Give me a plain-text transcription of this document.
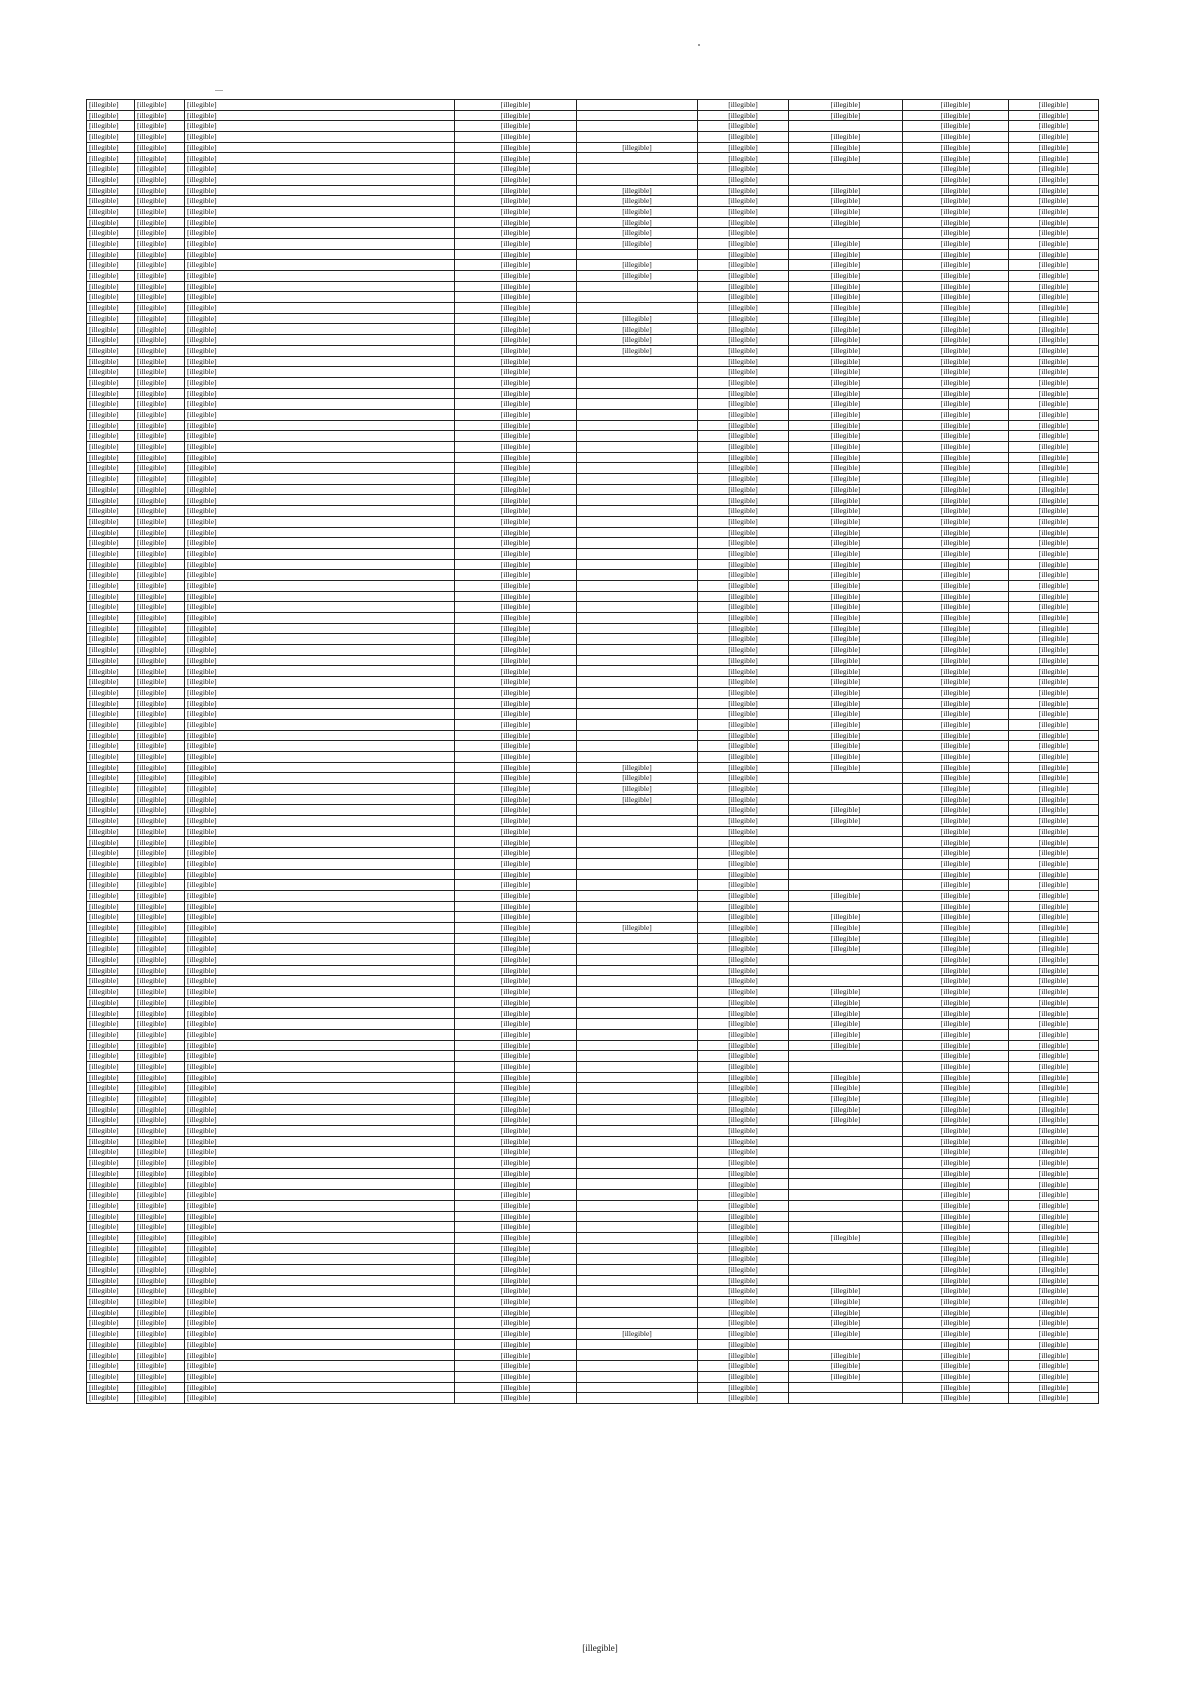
[illegible]	[illegible]	[illegible]	[illegible]		[illegible]	[illegible]	[illegible]	[illegible]
[illegible]	[illegible]	[illegible]	[illegible]		[illegible]	[illegible]	[illegible]	[illegible]
[illegible]	[illegible]	[illegible]	[illegible]		[illegible]		[illegible]	[illegible]
[illegible]	[illegible]	[illegible]	[illegible]		[illegible]	[illegible]	[illegible]	[illegible]
[illegible]	[illegible]	[illegible]	[illegible]	[illegible]	[illegible]	[illegible]	[illegible]	[illegible]
[illegible]	[illegible]	[illegible]	[illegible]		[illegible]	[illegible]	[illegible]	[illegible]
[illegible]	[illegible]	[illegible]	[illegible]		[illegible]		[illegible]	[illegible]
[illegible]	[illegible]	[illegible]	[illegible]		[illegible]		[illegible]	[illegible]
[illegible]	[illegible]	[illegible]	[illegible]	[illegible]	[illegible]	[illegible]	[illegible]	[illegible]
[illegible]	[illegible]	[illegible]	[illegible]	[illegible]	[illegible]	[illegible]	[illegible]	[illegible]
[illegible]	[illegible]	[illegible]	[illegible]	[illegible]	[illegible]	[illegible]	[illegible]	[illegible]
[illegible]	[illegible]	[illegible]	[illegible]	[illegible]	[illegible]	[illegible]	[illegible]	[illegible]
[illegible]	[illegible]	[illegible]	[illegible]	[illegible]	[illegible]		[illegible]	[illegible]
[illegible]	[illegible]	[illegible]	[illegible]	[illegible]	[illegible]	[illegible]	[illegible]	[illegible]
[illegible]	[illegible]	[illegible]	[illegible]		[illegible]	[illegible]	[illegible]	[illegible]
[illegible]	[illegible]	[illegible]	[illegible]	[illegible]	[illegible]	[illegible]	[illegible]	[illegible]
[illegible]	[illegible]	[illegible]	[illegible]	[illegible]	[illegible]	[illegible]	[illegible]	[illegible]
[illegible]	[illegible]	[illegible]	[illegible]		[illegible]	[illegible]	[illegible]	[illegible]
[illegible]	[illegible]	[illegible]	[illegible]		[illegible]	[illegible]	[illegible]	[illegible]
[illegible]	[illegible]	[illegible]	[illegible]		[illegible]	[illegible]	[illegible]	[illegible]
[illegible]	[illegible]	[illegible]	[illegible]	[illegible]	[illegible]	[illegible]	[illegible]	[illegible]
[illegible]	[illegible]	[illegible]	[illegible]	[illegible]	[illegible]	[illegible]	[illegible]	[illegible]
[illegible]	[illegible]	[illegible]	[illegible]	[illegible]	[illegible]	[illegible]	[illegible]	[illegible]
[illegible]	[illegible]	[illegible]	[illegible]	[illegible]	[illegible]	[illegible]	[illegible]	[illegible]
[illegible]	[illegible]	[illegible]	[illegible]		[illegible]	[illegible]	[illegible]	[illegible]
[illegible]	[illegible]	[illegible]	[illegible]		[illegible]	[illegible]	[illegible]	[illegible]
[illegible]	[illegible]	[illegible]	[illegible]		[illegible]	[illegible]	[illegible]	[illegible]
[illegible]	[illegible]	[illegible]	[illegible]		[illegible]	[illegible]	[illegible]	[illegible]
[illegible]	[illegible]	[illegible]	[illegible]		[illegible]	[illegible]	[illegible]	[illegible]
[illegible]	[illegible]	[illegible]	[illegible]		[illegible]	[illegible]	[illegible]	[illegible]
[illegible]	[illegible]	[illegible]	[illegible]		[illegible]	[illegible]	[illegible]	[illegible]
[illegible]	[illegible]	[illegible]	[illegible]		[illegible]	[illegible]	[illegible]	[illegible]
[illegible]	[illegible]	[illegible]	[illegible]		[illegible]	[illegible]	[illegible]	[illegible]
[illegible]	[illegible]	[illegible]	[illegible]		[illegible]	[illegible]	[illegible]	[illegible]
[illegible]	[illegible]	[illegible]	[illegible]		[illegible]	[illegible]	[illegible]	[illegible]
[illegible]	[illegible]	[illegible]	[illegible]		[illegible]	[illegible]	[illegible]	[illegible]
[illegible]	[illegible]	[illegible]	[illegible]		[illegible]	[illegible]	[illegible]	[illegible]
[illegible]	[illegible]	[illegible]	[illegible]		[illegible]	[illegible]	[illegible]	[illegible]
[illegible]	[illegible]	[illegible]	[illegible]		[illegible]	[illegible]	[illegible]	[illegible]
[illegible]	[illegible]	[illegible]	[illegible]		[illegible]	[illegible]	[illegible]	[illegible]
[illegible]	[illegible]	[illegible]	[illegible]		[illegible]	[illegible]	[illegible]	[illegible]
[illegible]	[illegible]	[illegible]	[illegible]		[illegible]	[illegible]	[illegible]	[illegible]
[illegible]	[illegible]	[illegible]	[illegible]		[illegible]	[illegible]	[illegible]	[illegible]
[illegible]	[illegible]	[illegible]	[illegible]		[illegible]	[illegible]	[illegible]	[illegible]
[illegible]	[illegible]	[illegible]	[illegible]		[illegible]	[illegible]	[illegible]	[illegible]
[illegible]	[illegible]	[illegible]	[illegible]		[illegible]	[illegible]	[illegible]	[illegible]
[illegible]	[illegible]	[illegible]	[illegible]		[illegible]	[illegible]	[illegible]	[illegible]
[illegible]	[illegible]	[illegible]	[illegible]		[illegible]	[illegible]	[illegible]	[illegible]
[illegible]	[illegible]	[illegible]	[illegible]		[illegible]	[illegible]	[illegible]	[illegible]
[illegible]	[illegible]	[illegible]	[illegible]		[illegible]	[illegible]	[illegible]	[illegible]
[illegible]	[illegible]	[illegible]	[illegible]		[illegible]	[illegible]	[illegible]	[illegible]
[illegible]	[illegible]	[illegible]	[illegible]		[illegible]	[illegible]	[illegible]	[illegible]
[illegible]	[illegible]	[illegible]	[illegible]		[illegible]	[illegible]	[illegible]	[illegible]
[illegible]	[illegible]	[illegible]	[illegible]		[illegible]	[illegible]	[illegible]	[illegible]
[illegible]	[illegible]	[illegible]	[illegible]		[illegible]	[illegible]	[illegible]	[illegible]
[illegible]	[illegible]	[illegible]	[illegible]		[illegible]	[illegible]	[illegible]	[illegible]
[illegible]	[illegible]	[illegible]	[illegible]		[illegible]	[illegible]	[illegible]	[illegible]
[illegible]	[illegible]	[illegible]	[illegible]		[illegible]	[illegible]	[illegible]	[illegible]
[illegible]	[illegible]	[illegible]	[illegible]		[illegible]	[illegible]	[illegible]	[illegible]
[illegible]	[illegible]	[illegible]	[illegible]		[illegible]	[illegible]	[illegible]	[illegible]
[illegible]	[illegible]	[illegible]	[illegible]		[illegible]	[illegible]	[illegible]	[illegible]
[illegible]	[illegible]	[illegible]	[illegible]		[illegible]	[illegible]	[illegible]	[illegible]
[illegible]	[illegible]	[illegible]	[illegible]	[illegible]	[illegible]	[illegible]	[illegible]	[illegible]
[illegible]	[illegible]	[illegible]	[illegible]	[illegible]	[illegible]		[illegible]	[illegible]
[illegible]	[illegible]	[illegible]	[illegible]	[illegible]	[illegible]		[illegible]	[illegible]
[illegible]	[illegible]	[illegible]	[illegible]	[illegible]	[illegible]		[illegible]	[illegible]
[illegible]	[illegible]	[illegible]	[illegible]		[illegible]	[illegible]	[illegible]	[illegible]
[illegible]	[illegible]	[illegible]	[illegible]		[illegible]	[illegible]	[illegible]	[illegible]
[illegible]	[illegible]	[illegible]	[illegible]		[illegible]		[illegible]	[illegible]
[illegible]	[illegible]	[illegible]	[illegible]		[illegible]		[illegible]	[illegible]
[illegible]	[illegible]	[illegible]	[illegible]		[illegible]		[illegible]	[illegible]
[illegible]	[illegible]	[illegible]	[illegible]		[illegible]		[illegible]	[illegible]
[illegible]	[illegible]	[illegible]	[illegible]		[illegible]		[illegible]	[illegible]
[illegible]	[illegible]	[illegible]	[illegible]		[illegible]		[illegible]	[illegible]
[illegible]	[illegible]	[illegible]	[illegible]		[illegible]	[illegible]	[illegible]	[illegible]
[illegible]	[illegible]	[illegible]	[illegible]		[illegible]		[illegible]	[illegible]
[illegible]	[illegible]	[illegible]	[illegible]		[illegible]	[illegible]	[illegible]	[illegible]
[illegible]	[illegible]	[illegible]	[illegible]	[illegible]	[illegible]	[illegible]	[illegible]	[illegible]
[illegible]	[illegible]	[illegible]	[illegible]		[illegible]	[illegible]	[illegible]	[illegible]
[illegible]	[illegible]	[illegible]	[illegible]		[illegible]	[illegible]	[illegible]	[illegible]
[illegible]	[illegible]	[illegible]	[illegible]		[illegible]		[illegible]	[illegible]
[illegible]	[illegible]	[illegible]	[illegible]		[illegible]		[illegible]	[illegible]
[illegible]	[illegible]	[illegible]	[illegible]		[illegible]		[illegible]	[illegible]
[illegible]	[illegible]	[illegible]	[illegible]		[illegible]	[illegible]	[illegible]	[illegible]
[illegible]	[illegible]	[illegible]	[illegible]		[illegible]	[illegible]	[illegible]	[illegible]
[illegible]	[illegible]	[illegible]	[illegible]		[illegible]	[illegible]	[illegible]	[illegible]
[illegible]	[illegible]	[illegible]	[illegible]		[illegible]	[illegible]	[illegible]	[illegible]
[illegible]	[illegible]	[illegible]	[illegible]		[illegible]	[illegible]	[illegible]	[illegible]
[illegible]	[illegible]	[illegible]	[illegible]		[illegible]	[illegible]	[illegible]	[illegible]
[illegible]	[illegible]	[illegible]	[illegible]		[illegible]		[illegible]	[illegible]
[illegible]	[illegible]	[illegible]	[illegible]		[illegible]		[illegible]	[illegible]
[illegible]	[illegible]	[illegible]	[illegible]		[illegible]	[illegible]	[illegible]	[illegible]
[illegible]	[illegible]	[illegible]	[illegible]		[illegible]	[illegible]	[illegible]	[illegible]
[illegible]	[illegible]	[illegible]	[illegible]		[illegible]	[illegible]	[illegible]	[illegible]
[illegible]	[illegible]	[illegible]	[illegible]		[illegible]	[illegible]	[illegible]	[illegible]
[illegible]	[illegible]	[illegible]	[illegible]		[illegible]	[illegible]	[illegible]	[illegible]
[illegible]	[illegible]	[illegible]	[illegible]		[illegible]		[illegible]	[illegible]
[illegible]	[illegible]	[illegible]	[illegible]		[illegible]		[illegible]	[illegible]
[illegible]	[illegible]	[illegible]	[illegible]		[illegible]		[illegible]	[illegible]
[illegible]	[illegible]	[illegible]	[illegible]		[illegible]		[illegible]	[illegible]
[illegible]	[illegible]	[illegible]	[illegible]		[illegible]		[illegible]	[illegible]
[illegible]	[illegible]	[illegible]	[illegible]		[illegible]		[illegible]	[illegible]
[illegible]	[illegible]	[illegible]	[illegible]		[illegible]		[illegible]	[illegible]
[illegible]	[illegible]	[illegible]	[illegible]		[illegible]		[illegible]	[illegible]
[illegible]	[illegible]	[illegible]	[illegible]		[illegible]		[illegible]	[illegible]
[illegible]	[illegible]	[illegible]	[illegible]		[illegible]		[illegible]	[illegible]
[illegible]	[illegible]	[illegible]	[illegible]		[illegible]	[illegible]	[illegible]	[illegible]
[illegible]	[illegible]	[illegible]	[illegible]		[illegible]		[illegible]	[illegible]
[illegible]	[illegible]	[illegible]	[illegible]		[illegible]		[illegible]	[illegible]
[illegible]	[illegible]	[illegible]	[illegible]		[illegible]		[illegible]	[illegible]
[illegible]	[illegible]	[illegible]	[illegible]		[illegible]		[illegible]	[illegible]
[illegible]	[illegible]	[illegible]	[illegible]		[illegible]	[illegible]	[illegible]	[illegible]
[illegible]	[illegible]	[illegible]	[illegible]		[illegible]	[illegible]	[illegible]	[illegible]
[illegible]	[illegible]	[illegible]	[illegible]		[illegible]	[illegible]	[illegible]	[illegible]
[illegible]	[illegible]	[illegible]	[illegible]		[illegible]	[illegible]	[illegible]	[illegible]
[illegible]	[illegible]	[illegible]	[illegible]	[illegible]	[illegible]	[illegible]	[illegible]	[illegible]
[illegible]	[illegible]	[illegible]	[illegible]		[illegible]		[illegible]	[illegible]
[illegible]	[illegible]	[illegible]	[illegible]		[illegible]	[illegible]	[illegible]	[illegible]
[illegible]	[illegible]	[illegible]	[illegible]		[illegible]	[illegible]	[illegible]	[illegible]
[illegible]	[illegible]	[illegible]	[illegible]		[illegible]	[illegible]	[illegible]	[illegible]
[illegible]	[illegible]	[illegible]	[illegible]		[illegible]		[illegible]	[illegible]
[illegible]	[illegible]	[illegible]	[illegible]		[illegible]		[illegible]	[illegible]
[illegible]
